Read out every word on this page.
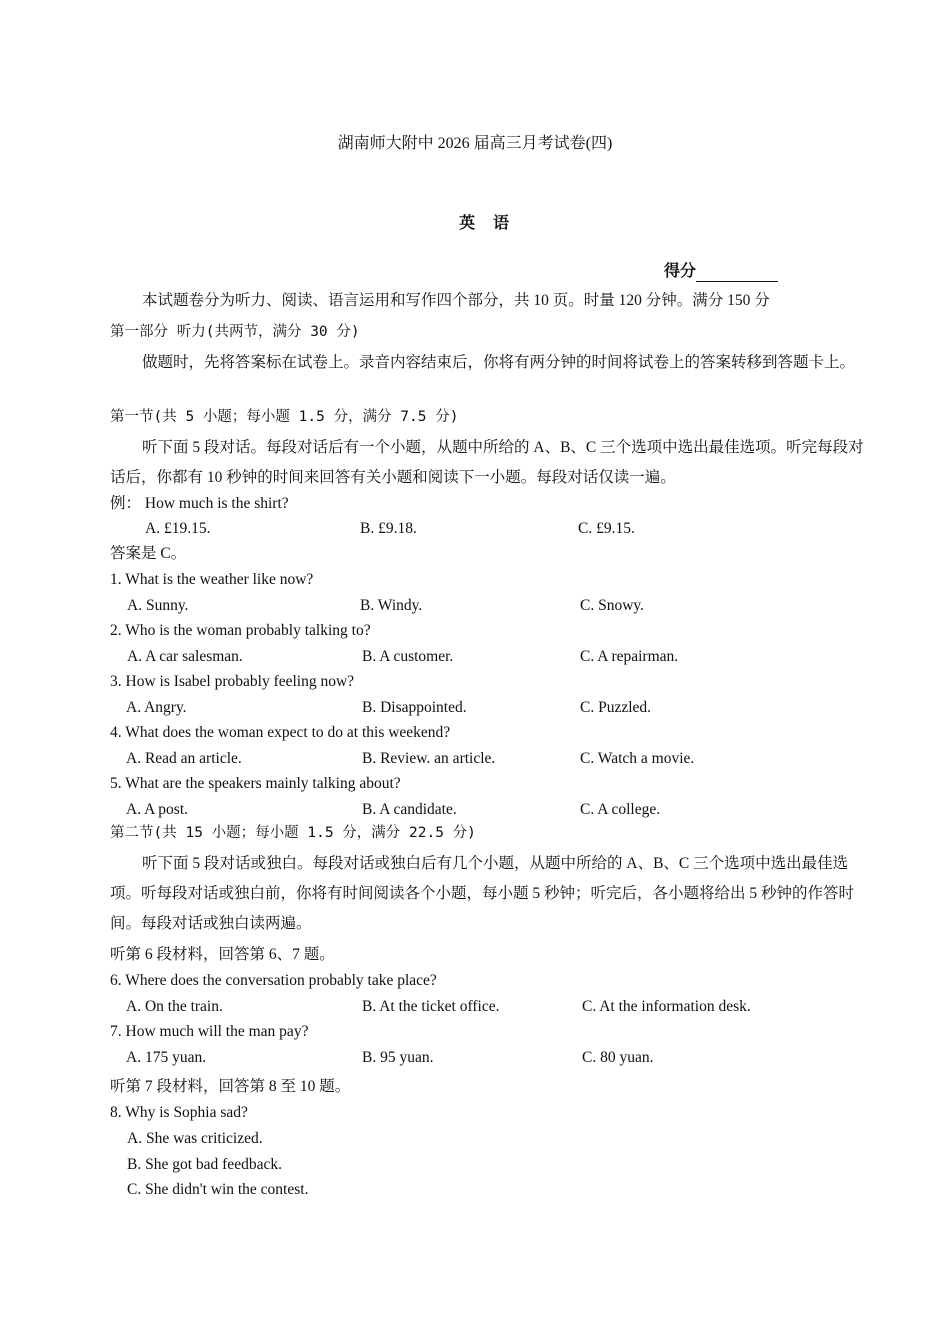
湖南师大附中 2026 届高三月考试卷(四)
英语
得分
本试题卷分为听力、阅读、语言运用和写作四个部分，共 10 页。时量 120 分钟。满分 150 分
第一部分 听力(共两节，满分 30 分)
做题时，先将答案标在试卷上。录音内容结束后，你将有两分钟的时间将试卷上的答案转移到答题卡上。
第一节(共 5 小题；每小题 1.5 分，满分 7.5 分)
听下面 5 段对话。每段对话后有一个小题，从题中所给的 A、B、C 三个选项中选出最佳选项。听完每段对话后，你都有 10 秒钟的时间来回答有关小题和阅读下一小题。每段对话仅读一遍。
例： How much is the shirt?
A. £19.15.	B. £9.18.	C. £9.15.
答案是 C。
1. What is the weather like now?
A. Sunny.	B. Windy.	C. Snowy.
2. Who is the woman probably talking to?
A. A car salesman.	B. A customer.	C. A repairman.
3. How is Isabel probably feeling now?
A. Angry.	B. Disappointed.	C. Puzzled.
4. What does the woman expect to do at this weekend?
A. Read an article.	B. Review. an article.	C. Watch a movie.
5. What are the speakers mainly talking about?
A. A post.	B. A candidate.	C. A college.
第二节(共 15 小题；每小题 1.5 分，满分 22.5 分)
听下面 5 段对话或独白。每段对话或独白后有几个小题，从题中所给的 A、B、C 三个选项中选出最佳选项。听每段对话或独白前，你将有时间阅读各个小题，每小题 5 秒钟；听完后，各小题将给出 5 秒钟的作答时间。每段对话或独白读两遍。
听第 6 段材料，回答第 6、7 题。
6. Where does the conversation probably take place?
A. On the train.	B. At the ticket office.	C. At the information desk.
7. How much will the man pay?
A. 175 yuan.	B. 95 yuan.	C. 80 yuan.
听第 7 段材料，回答第 8 至 10 题。
8. Why is Sophia sad?
A. She was criticized.
B. She got bad feedback.
C. She didn't win the contest.
